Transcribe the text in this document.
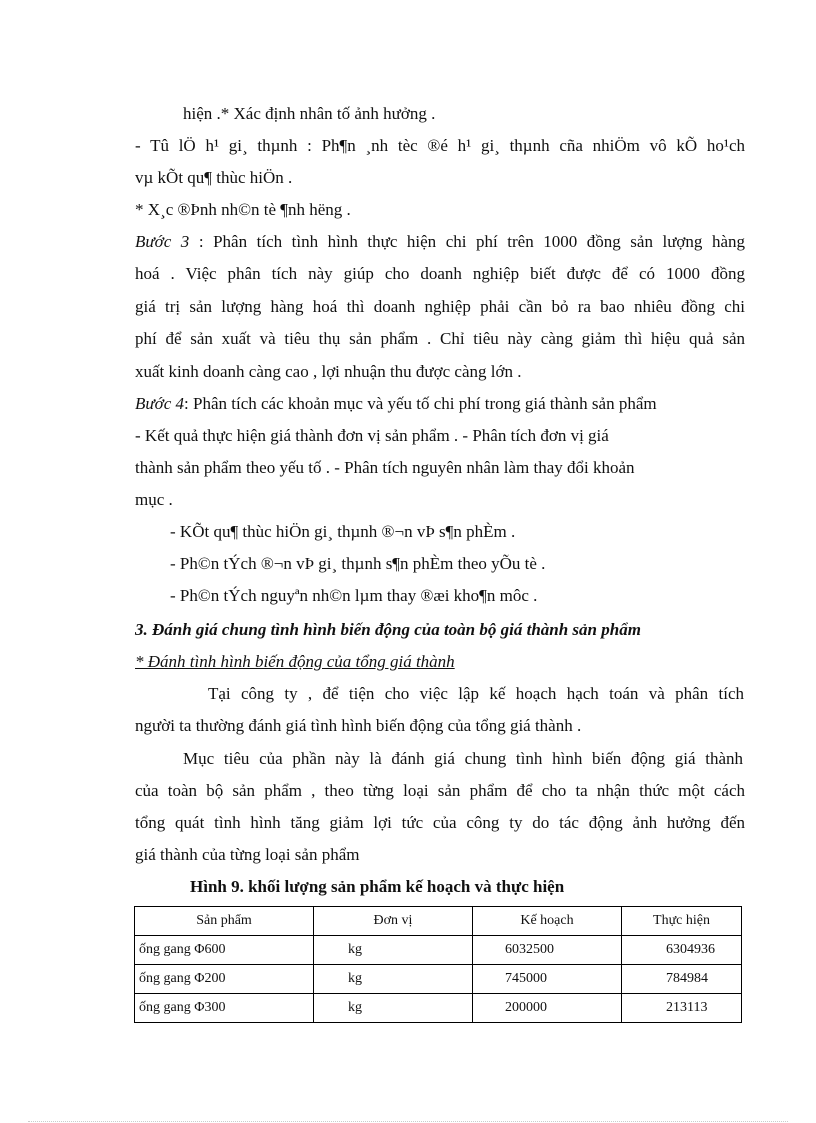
hiện .* Xác định nhân tố ảnh hưởng .
- Tû lÖ h¹ gi¸ thµnh : Ph¶n ¸nh tèc ®é h¹ gi¸ thµnh cña nhiÖm vô kÕ ho¹ch
vµ kÕt qu¶ thùc hiÖn .
* X¸c ®Þnh nh©n tè ¶nh hëng .
Bước 3 : Phân tích tình hình thực hiện chi phí trên 1000 đồng sản lượng hàng
hoá . Việc phân tích này giúp cho doanh nghiệp biết được để có 1000 đồng
giá trị sản lượng hàng hoá thì doanh nghiệp phải cần bỏ ra bao nhiêu đồng chi
phí để sản xuất và tiêu thụ sản phẩm . Chỉ tiêu này càng giảm thì hiệu quả sản
xuất kinh doanh càng cao , lợi nhuận thu được càng lớn .
Bước 4: Phân tích các khoản mục và yếu tố chi phí trong giá thành sản phẩm
- Kết quả thực hiện giá thành đơn vị sản phẩm . - Phân tích đơn vị giá
thành sản phẩm theo yếu tố . - Phân tích nguyên nhân làm thay đổi khoản
mục .
- KÕt qu¶ thùc hiÖn gi¸ thµnh ®¬n vÞ s¶n phÈm .
- Ph©n tÝch ®¬n vÞ gi¸ thµnh s¶n phÈm theo yÕu tè .
- Ph©n tÝch nguyªn nh©n lµm thay ®æi kho¶n môc .
3. Đánh giá chung tình hình biến động của toàn bộ giá thành sản phẩm
* Đánh tình hình biến động của tổng giá thành
Tại công ty , để tiện cho việc lập kế hoạch hạch toán và phân tích
người ta thường đánh giá tình hình biến động của tổng giá thành .
Mục tiêu của phần này là đánh giá chung tình hình biến động giá thành
của toàn bộ sản phẩm , theo từng loại sản phẩm để cho ta nhận thức một cách
tổng quát tình hình tăng giảm lợi tức của công ty do tác động ảnh hưởng đến
giá thành của từng loại sản phẩm
Hình 9. khối lượng sản phẩm kế hoạch và thực hiện
Sản phẩm	Đơn vị	Kế hoạch	Thực hiện
ống gang Φ600	kg	6032500	6304936
ống gang Φ200	kg	745000	784984
ống gang Φ300	kg	200000	213113
